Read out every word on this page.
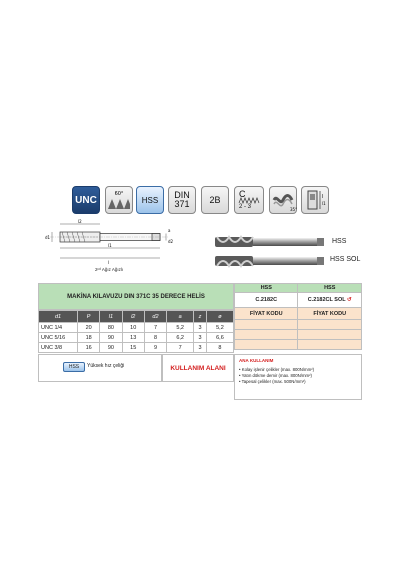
UNC
60°
HSS DIN
371 2B
C
2 - 3	35°
l
l1
d1
l2
l1
l
a
d2
2ⁿᵈ Ağız Ağızlı
HSS
HSS SOL
MAKİNA KILAVUZU DIN 371C 35 DERECE HELİS
d1	P	l1	l2	d2	a	z	ø
UNC 1/4	20	80	10	7	5,2	3	5,2
UNC 5/16	18	90	13	8	6,2	3	6,6
UNC 3/8	16	90	15	9	7	3	8
HSS	HSS
C.2182C	C.2182CL SOL ↺
FİYAT KODU	FİYAT KODU

HSS	Yüksek hız çeliği	KULLANIM ALANI
ANA KULLANIM
• Kolay işlenir çelikler (max. 800N/mm²)
• Yatın dökme demir (max. 800N/mm²)
• Tapesal çelikler (max. 500N/mm²)
